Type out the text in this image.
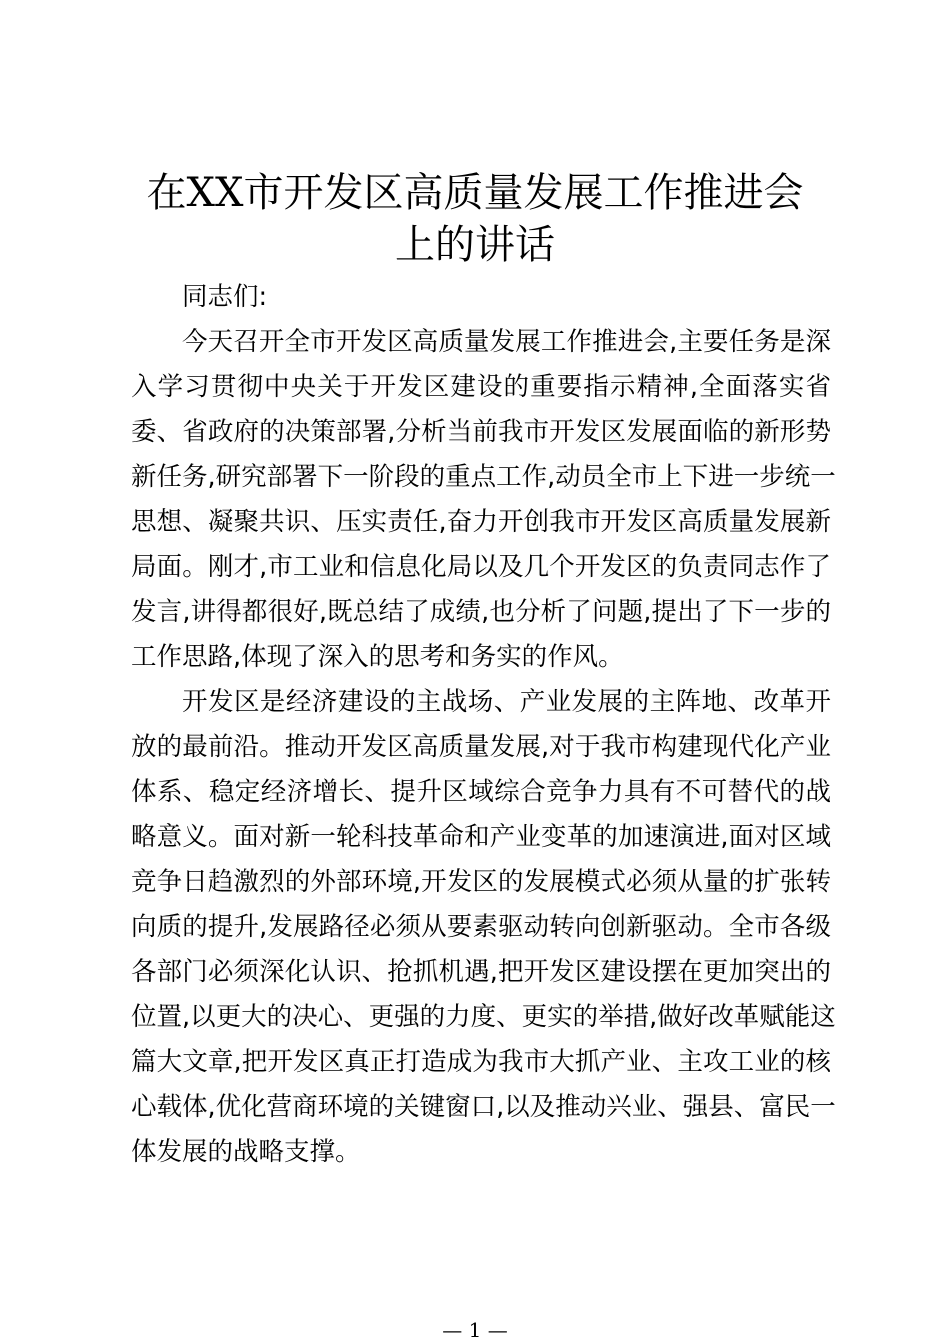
在XX市开发区高质量发展工作推进会
上的讲话
同志们:
今天召开全市开发区高质量发展工作推进会,主要任务是深
入学习贯彻中央关于开发区建设的重要指示精神,全面落实省
委、省政府的决策部署,分析当前我市开发区发展面临的新形势
新任务,研究部署下一阶段的重点工作,动员全市上下进一步统一
思想、凝聚共识、压实责任,奋力开创我市开发区高质量发展新
局面。刚才,市工业和信息化局以及几个开发区的负责同志作了
发言,讲得都很好,既总结了成绩,也分析了问题,提出了下一步的
工作思路,体现了深入的思考和务实的作风。
开发区是经济建设的主战场、产业发展的主阵地、改革开
放的最前沿。推动开发区高质量发展,对于我市构建现代化产业
体系、稳定经济增长、提升区域综合竞争力具有不可替代的战
略意义。面对新一轮科技革命和产业变革的加速演进,面对区域
竞争日趋激烈的外部环境,开发区的发展模式必须从量的扩张转
向质的提升,发展路径必须从要素驱动转向创新驱动。全市各级
各部门必须深化认识、抢抓机遇,把开发区建设摆在更加突出的
位置,以更大的决心、更强的力度、更实的举措,做好改革赋能这
篇大文章,把开发区真正打造成为我市大抓产业、主攻工业的核
心载体,优化营商环境的关键窗口,以及推动兴业、强县、富民一
体发展的战略支撑。
— 1 —
